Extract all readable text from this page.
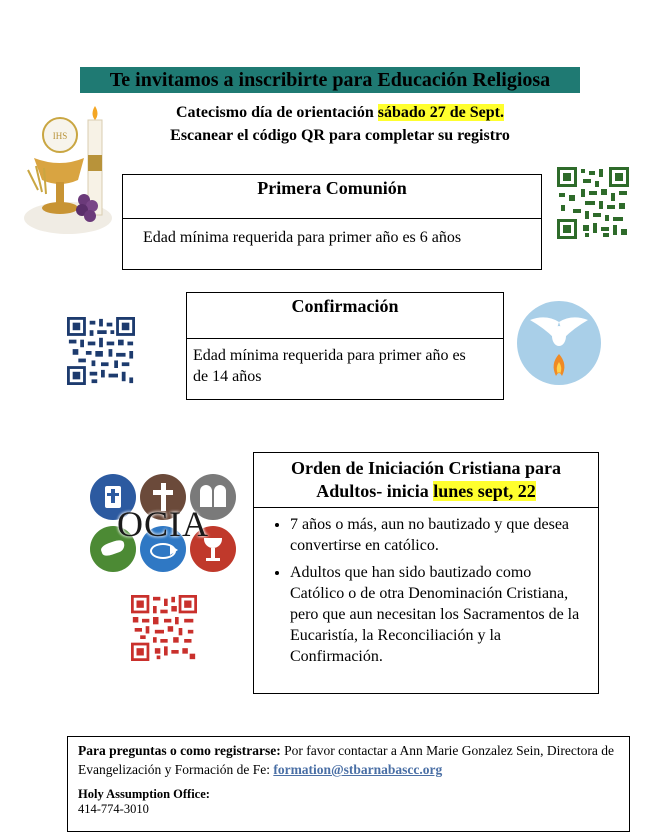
Te invitamos a inscribirte para Educación Religiosa
Catecismo día de orientación sábado 27 de Sept.
Escanear el código QR para completar su registro
IHS
Primera Comunión
Edad mínima requerida para primer año es 6 años
Confirmación
Edad mínima requerida para primer año es de 14 años
OCIA
Orden de Iniciación Cristiana para
Adultos- inicia lunes sept, 22
• 7 años o más, aun no bautizado y que desea convertirse en católico.
• Adultos que han sido bautizado como Católico o de otra Denominación Cristiana, pero que aun necesitan los Sacramentos de la Eucaristía, la Reconciliación y la Confirmación.
Para preguntas o como registrarse: Por favor contactar a Ann Marie Gonzalez Sein, Directora de Evangelización y Formación de Fe: formation@stbarnabascc.org
Holy Assumption Office:
414-774-3010
